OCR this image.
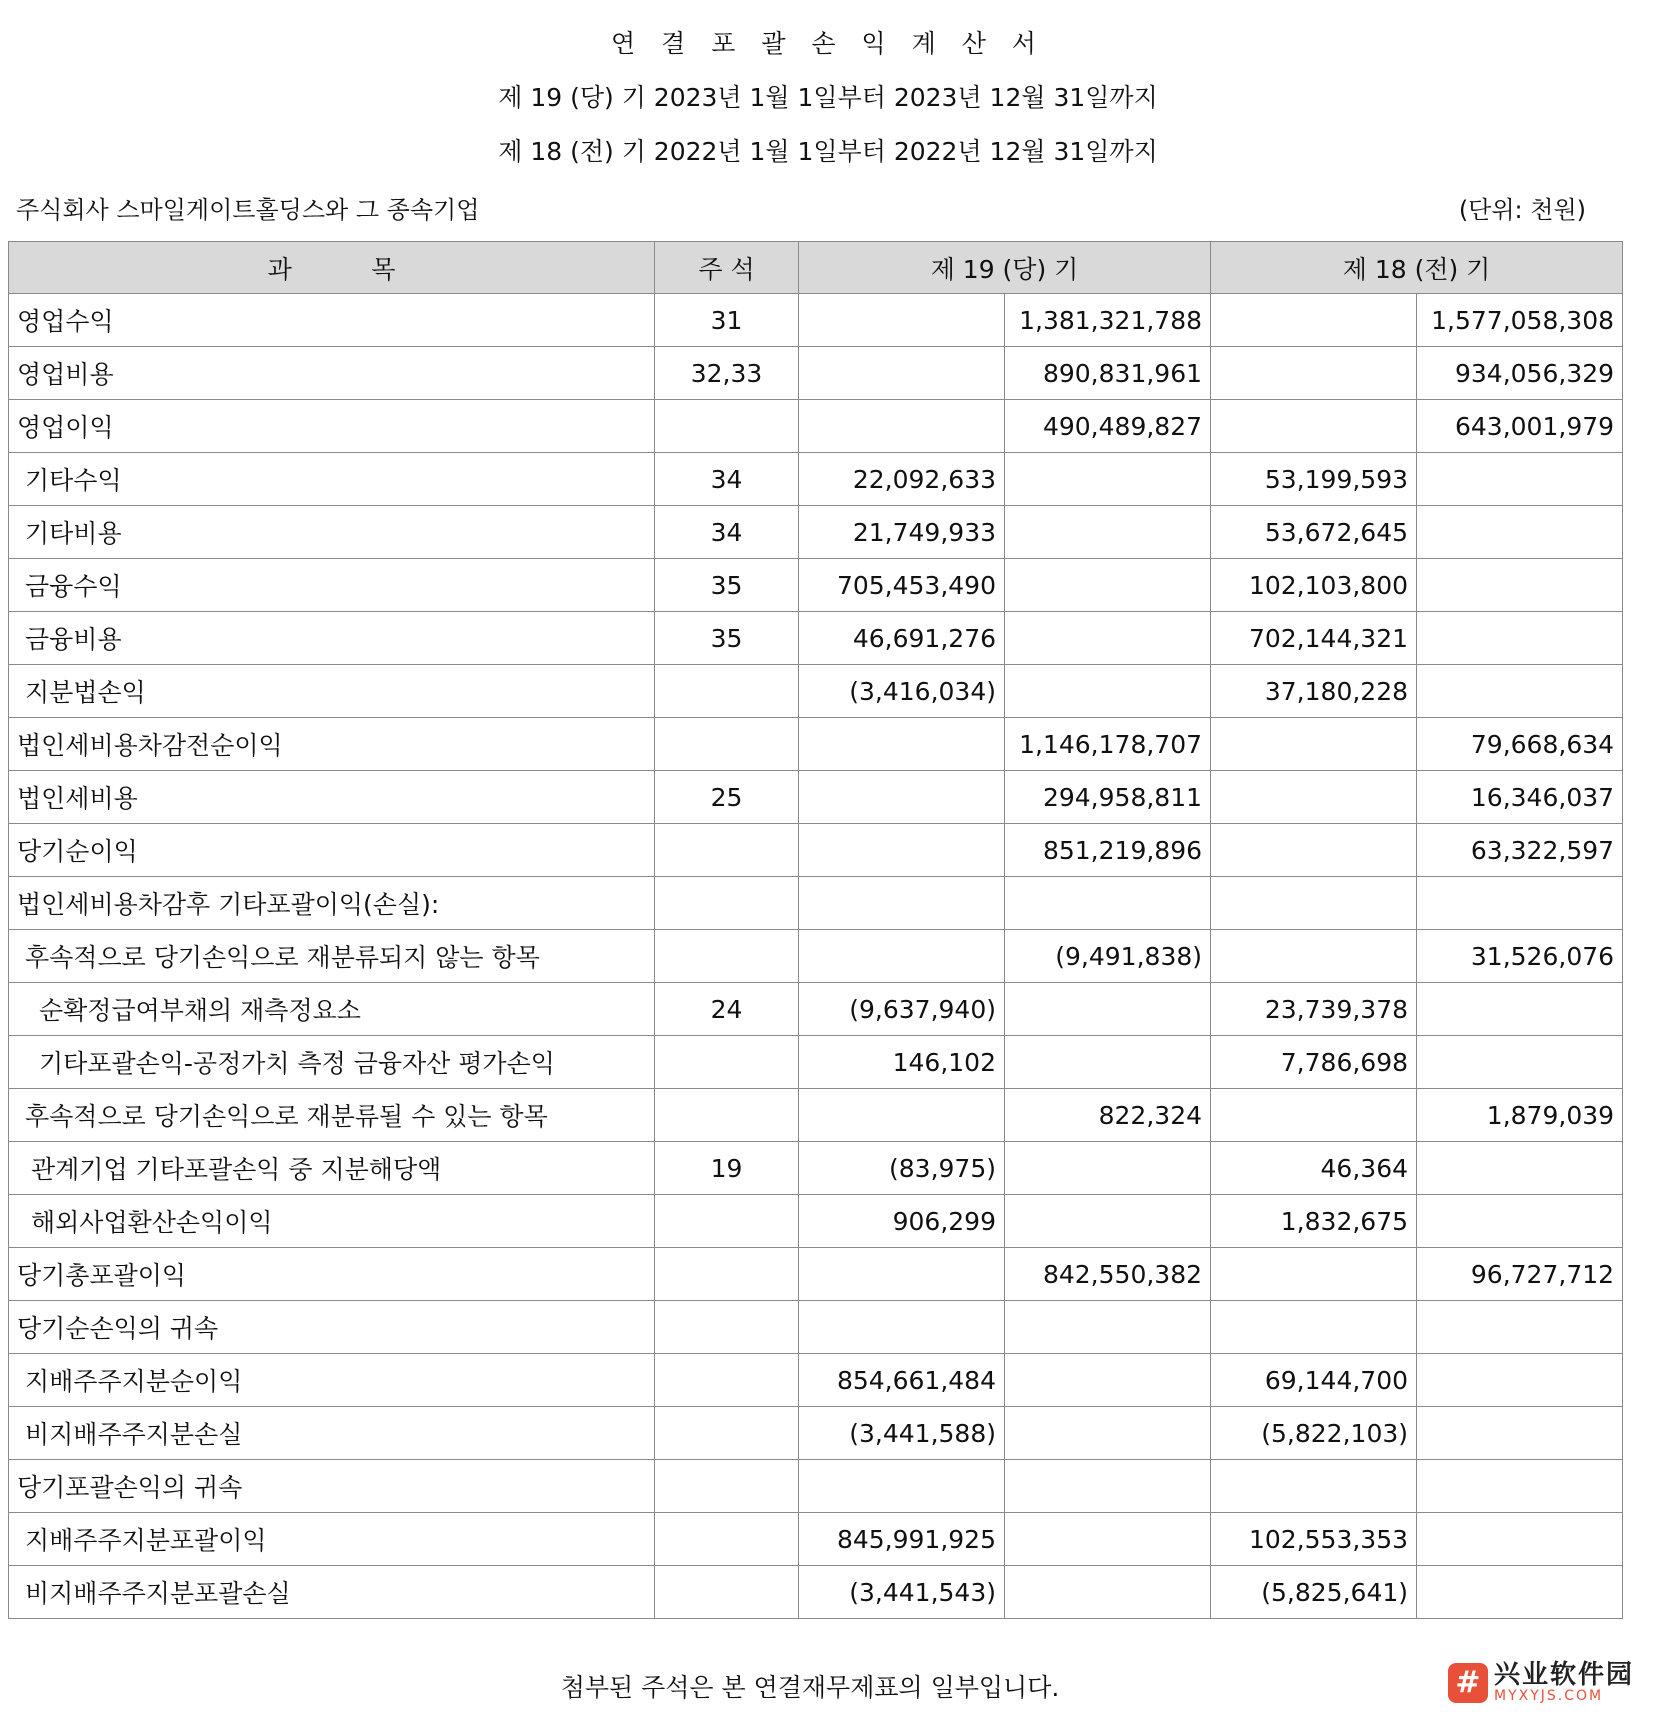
연 결 포 괄 손 익 계 산 서
제 19 (당) 기 2023년 1월 1일부터 2023년 12월 31일까지
제 18 (전) 기 2022년 1월 1일부터 2022년 12월 31일까지
주식회사 스마일게이트홀딩스와 그 종속기업	(단위: 천원)
과          목	주 석	제 19 (당) 기		제 18 (전) 기	
영업수익	31		1,381,321,788		1,577,058,308
영업비용	32,33		890,831,961		934,056,329
영업이익			490,489,827		643,001,979
기타수익	34	22,092,633		53,199,593	
기타비용	34	21,749,933		53,672,645	
금융수익	35	705,453,490		102,103,800	
금융비용	35	46,691,276		702,144,321	
지분법손익		(3,416,034)		37,180,228	
법인세비용차감전순이익			1,146,178,707		79,668,634
법인세비용	25		294,958,811		16,346,037
당기순이익			851,219,896		63,322,597
법인세비용차감후 기타포괄이익(손실):					
후속적으로 당기손익으로 재분류되지 않는 항목			(9,491,838)		31,526,076
순확정급여부채의 재측정요소	24	(9,637,940)		23,739,378	
기타포괄손익-공정가치 측정 금융자산 평가손익		146,102		7,786,698	
후속적으로 당기손익으로 재분류될 수 있는 항목			822,324		1,879,039
관계기업 기타포괄손익 중 지분해당액	19	(83,975)		46,364	
해외사업환산손익이익		906,299		1,832,675	
당기총포괄이익			842,550,382		96,727,712
당기순손익의 귀속					
지배주주지분순이익		854,661,484		69,144,700	
비지배주주지분손실		(3,441,588)		(5,822,103)	
당기포괄손익의 귀속					
지배주주지분포괄이익		845,991,925		102,553,353	
비지배주주지분포괄손실		(3,441,543)		(5,825,641)	
첨부된 주석은 본 연결재무제표의 일부입니다.	# 兴业软件园
MYXYJS.COM
